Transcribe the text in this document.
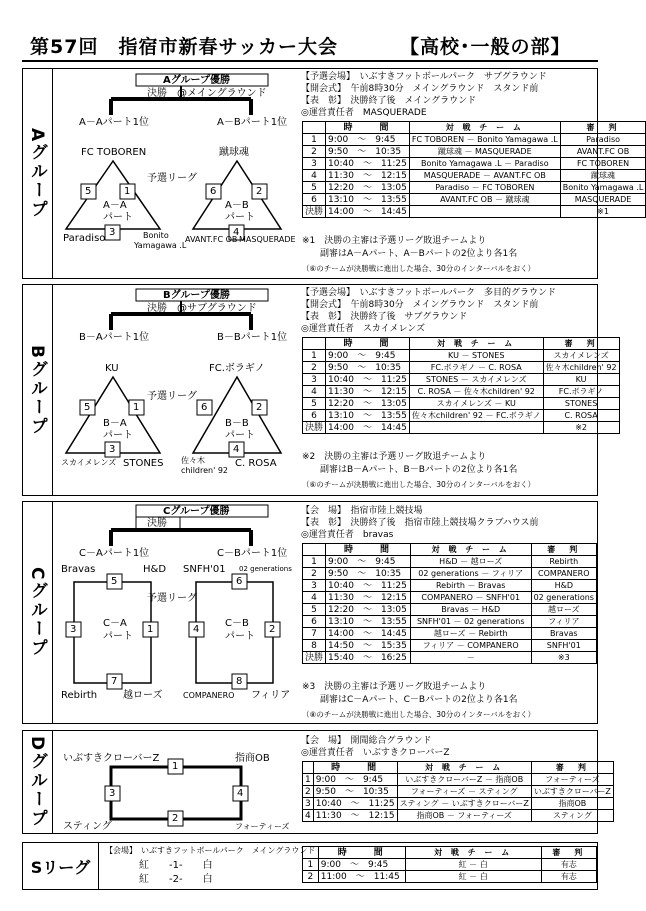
第57回　指宿市新春サッカー大会	【高校･一般の部】
Aグループ
Aグループ優勝
決勝　@メイングラウンド
A－Aパート1位	A－Bパート1位
FC TOBOREN	蹴球魂
予選リーグ
5	1
3
6	2
4
A－A
パート
A－B
パート
Paradiso	Bonito
Yamagawa .L
AVANT.FC OB MASQUERADE
【予選会場】　いぶすきフットボールパーク　サブグラウンド
【開会式】　午前8時30分　メイングラウンド　スタンド前
【表　彰】　決勝終了後　メイングラウンド
◎運営責任者　MASQUERADE
	時　　間	対 戦 チ ー ム	審　判
1	9:00　～　9:45	FC TOBOREN － Bonito Yamagawa .L	Paradiso
2	9:50　～　10:35	蹴球魂 － MASQUERADE	AVANT.FC OB
3	10:40　～　11:25	Bonito Yamagawa .L － Paradiso	FC TOBOREN
4	11:30　～　12:15	MASQUERADE － AVANT.FC OB	蹴球魂
5	12:20　～　13:05	Paradiso － FC TOBOREN	Bonito Yamagawa .L
6	13:10　～　13:55	AVANT.FC OB － 蹴球魂	MASQUERADE
決勝	14:00　～　14:45		※1
※1　決勝の主審は予選リーグ敗退チームより
　　副審はA－Aパート、A－Bパートの2位より各1名
（⑥のチームが決勝戦に進出した場合、30分のインターバルをおく）
Bグループ
Bグループ優勝
決勝　@サブグラウンド
B－Aパート1位	B－Bパート1位
KU	FC.ボラギノ
予選リーグ
5	1
3
6	2
4
B－A
パート
B－B
パート
スカイメレンズ STONES 佐々木
children' 92
C. ROSA
【予選会場】　いぶすきフットボールパーク　多目的グラウンド
【開会式】　午前8時30分　メイングラウンド　スタンド前
【表　彰】　決勝終了後　サブグラウンド
◎運営責任者　スカイメレンズ
	時　　間	対 戦 チ ー ム	審　判
1	9:00　～　9:45	KU － STONES	スカイメレンズ
2	9:50　～　10:35	FC.ボラギノ － C. ROSA	佐々木children' 92
3	10:40　～　11:25	STONES － スカイメレンズ	KU
4	11:30　～　12:15	C. ROSA － 佐々木children' 92	FC.ボラギノ
5	12:20　～　13:05	スカイメレンズ － KU	STONES
6	13:10　～　13:55	佐々木children' 92 － FC.ボラギノ	C. ROSA
決勝	14:00　～　14:45		※2
※2　決勝の主審は予選リーグ敗退チームより
　　副審はB－Aパート、B－Bパートの2位より各1名
（⑥のチームが決勝戦に進出した場合、30分のインターバルをおく）
Cグループ
Cグループ優勝
決勝
C－Aパート1位	C－Bパート1位
Bravas	H&D SNFH'01 02 generations
予選リーグ
5
3	1
7
6
4	2
8
C－A
パート
C－B
パート
Rebirth	越ローズ	COMPANERO フィリア
【会　場】　指宿市陸上競技場
【表　彰】　決勝終了後　指宿市陸上競技場クラブハウス前
◎運営責任者　bravas
	時　　間	対 戦 チ ー ム	審　判
1	9:00　～　9:45	H&D － 越ローズ	Rebirth
2	9:50　～　10:35	02 generations － フィリア	COMPANERO
3	10:40　～　11:25	Rebirth － Bravas	H&D
4	11:30　～　12:15	COMPANERO － SNFH'01	02 generations
5	12:20　～　13:05	Bravas － H&D	越ローズ
6	13:10　～　13:55	SNFH'01 － 02 generations	フィリア
7	14:00　～　14:45	越ローズ － Rebirth	Bravas
8	14:50　～　15:35	フィリア － COMPANERO	SNFH'01
決勝	15:40　～　16:25	－	※3
※3　決勝の主審は予選リーグ敗退チームより
　　副審はC－Aパート、C－Bパートの2位より各1名
（⑧のチームが決勝戦に進出した場合、30分のインターバルをおく）
Dグループ	1
3	4
2
いぶすきクローバーZ	指商OB
スティング	フォーティーズ
【会　場】　開聞総合グラウンド
◎運営責任者　いぶすきクローバーZ
	時　　間	対 戦 チ ー ム	審　判
1	9:00　～　9:45	いぶすきクローバーZ － 指商OB	フォーティーズ
2	9:50　～　10:35	フォーティーズ － スティング	いぶすきクローバーZ
3	10:40　～　11:25	スティング － いぶすきクローバーZ	指商OB
4	11:30　～　12:15	指商OB － フォーティーズ	スティング
Sリーグ
【会場】　いぶすきフットボールパーク　メイングラウンド
紅　　-1-　　白
紅　　-2-　　白
	時　　間	対 戦 チ ー ム	審　判
1	9:00　～　9:45	紅 － 白	有志
2	11:00　～　11:45	紅 － 白	有志
